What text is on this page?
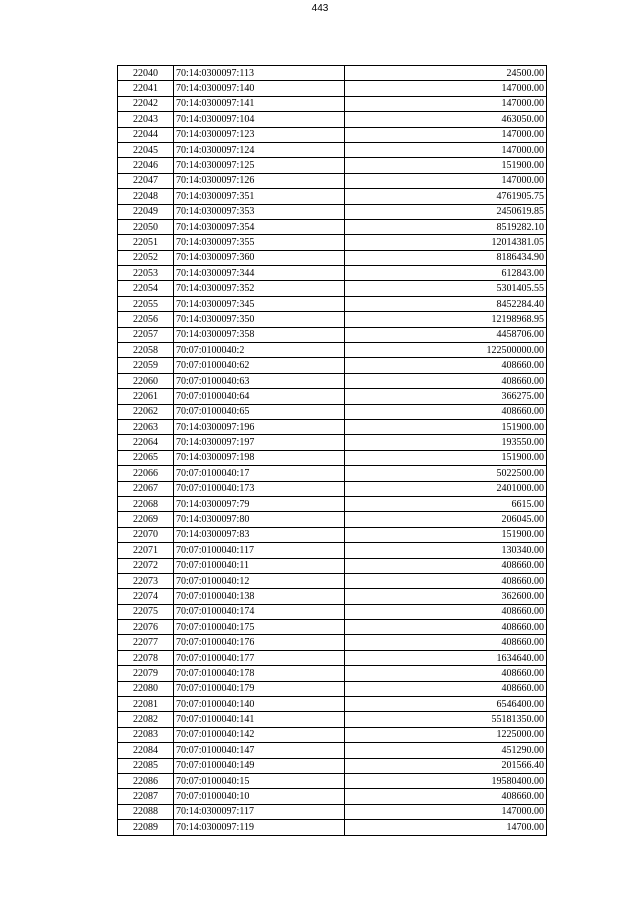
443
22040	70:14:0300097:113	24500.00
22041	70:14:0300097:140	147000.00
22042	70:14:0300097:141	147000.00
22043	70:14:0300097:104	463050.00
22044	70:14:0300097:123	147000.00
22045	70:14:0300097:124	147000.00
22046	70:14:0300097:125	151900.00
22047	70:14:0300097:126	147000.00
22048	70:14:0300097:351	4761905.75
22049	70:14:0300097:353	2450619.85
22050	70:14:0300097:354	8519282.10
22051	70:14:0300097:355	12014381.05
22052	70:14:0300097:360	8186434.90
22053	70:14:0300097:344	612843.00
22054	70:14:0300097:352	5301405.55
22055	70:14:0300097:345	8452284.40
22056	70:14:0300097:350	12198968.95
22057	70:14:0300097:358	4458706.00
22058	70:07:0100040:2	122500000.00
22059	70:07:0100040:62	408660.00
22060	70:07:0100040:63	408660.00
22061	70:07:0100040:64	366275.00
22062	70:07:0100040:65	408660.00
22063	70:14:0300097:196	151900.00
22064	70:14:0300097:197	193550.00
22065	70:14:0300097:198	151900.00
22066	70:07:0100040:17	5022500.00
22067	70:07:0100040:173	2401000.00
22068	70:14:0300097:79	6615.00
22069	70:14:0300097:80	206045.00
22070	70:14:0300097:83	151900.00
22071	70:07:0100040:117	130340.00
22072	70:07:0100040:11	408660.00
22073	70:07:0100040:12	408660.00
22074	70:07:0100040:138	362600.00
22075	70:07:0100040:174	408660.00
22076	70:07:0100040:175	408660.00
22077	70:07:0100040:176	408660.00
22078	70:07:0100040:177	1634640.00
22079	70:07:0100040:178	408660.00
22080	70:07:0100040:179	408660.00
22081	70:07:0100040:140	6546400.00
22082	70:07:0100040:141	55181350.00
22083	70:07:0100040:142	1225000.00
22084	70:07:0100040:147	451290.00
22085	70:07:0100040:149	201566.40
22086	70:07:0100040:15	19580400.00
22087	70:07:0100040:10	408660.00
22088	70:14:0300097:117	147000.00
22089	70:14:0300097:119	14700.00
